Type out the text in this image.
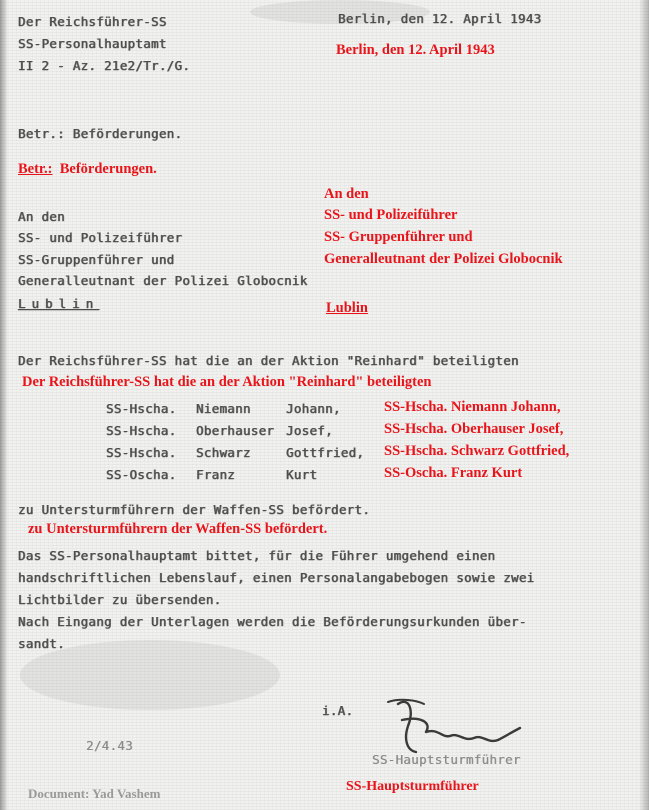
Der Reichsführer-SS
SS-Personalhauptamt
II 2 - Az. 21e2/Tr./G.
Berlin, den 12. April 1943
Berlin, den 12. April 1943
Betr.: Beförderungen.
Betr.: Beförderungen.
An den
SS- und Polizeiführer
SS-Gruppenführer und
Generalleutnant der Polizei Globocnik
Lublin
An den
SS- und Polizeiführer
SS- Gruppenführer und
Generalleutnant der Polizei Globocnik
Lublin
Der Reichsführer-SS hat die an der Aktion "Reinhard" beteiligten
Der Reichsführer-SS hat die an der Aktion "Reinhard" beteiligten
SS-Hscha. Niemann	Johann,
SS-Hscha. Oberhauser Josef,
SS-Hscha. Schwarz	Gottfried,
SS-Oscha. Franz	Kurt
SS-Hscha. Niemann Johann,
SS-Hscha. Oberhauser Josef,
SS-Hscha. Schwarz Gottfried,
SS-Oscha. Franz Kurt
zu Untersturmführern der Waffen-SS befördert.
zu Untersturmführern der Waffen-SS befördert.
Das SS-Personalhauptamt bittet, für die Führer umgehend einen
handschriftlichen Lebenslauf, einen Personalangabebogen sowie zwei
Lichtbilder zu übersenden.
Nach Eingang der Unterlagen werden die Beförderungsurkunden über-
sandt.
i.A.
SS-Hauptsturmführer
2/4.43
SS-Hauptsturmführer
Document: Yad Vashem
